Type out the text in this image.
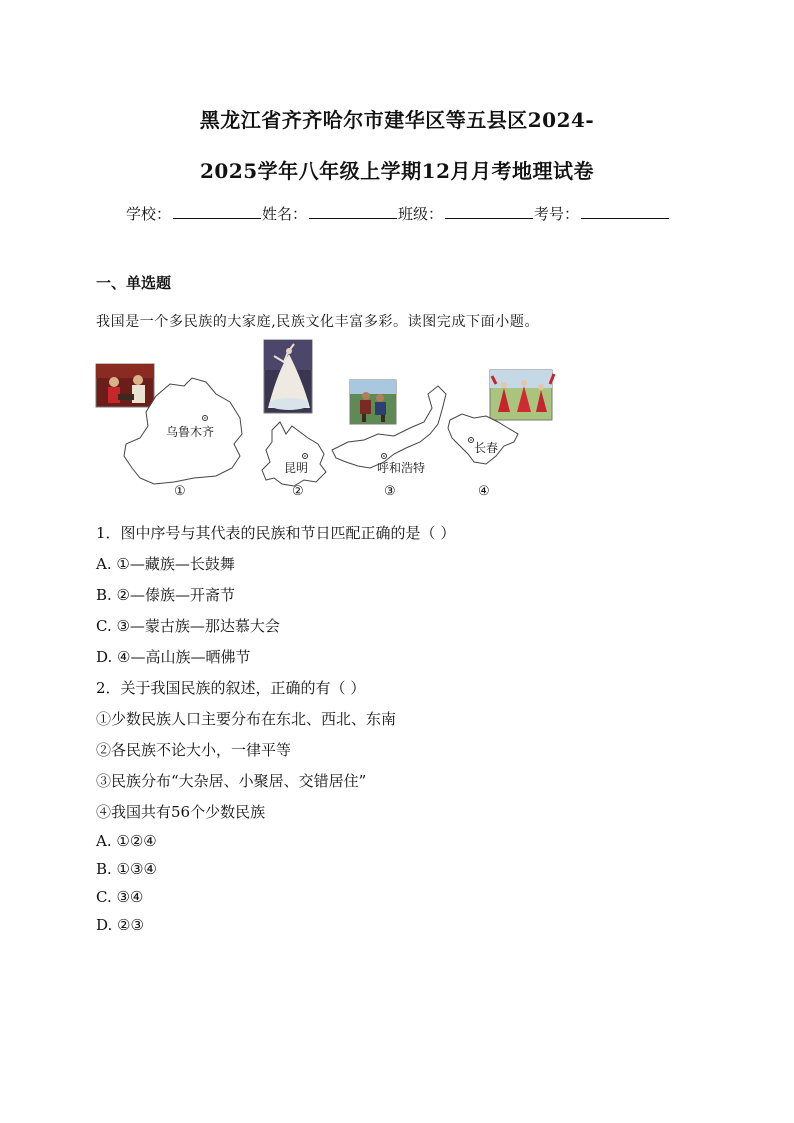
黑龙江省齐齐哈尔市建华区等五县区2024-
2025学年八年级上学期12月月考地理试卷
学校：	姓名：	班级：	考号：
一、单选题
我国是一个多民族的大家庭,民族文化丰富多彩。读图完成下面小题。
乌鲁木齐
昆明	呼和浩特
长春
①	②	③	④
1．图中序号与其代表的民族和节日匹配正确的是（ ）
A. ①—藏族—长鼓舞
B. ②—傣族—开斋节
C. ③—蒙古族—那达慕大会
D. ④—高山族—晒佛节
2．关于我国民族的叙述，正确的有（ ）
①少数民族人口主要分布在东北、西北、东南
②各民族不论大小，一律平等
③民族分布“大杂居、小聚居、交错居住”
④我国共有56个少数民族
A. ①②④
B. ①③④
C. ③④
D. ②③
